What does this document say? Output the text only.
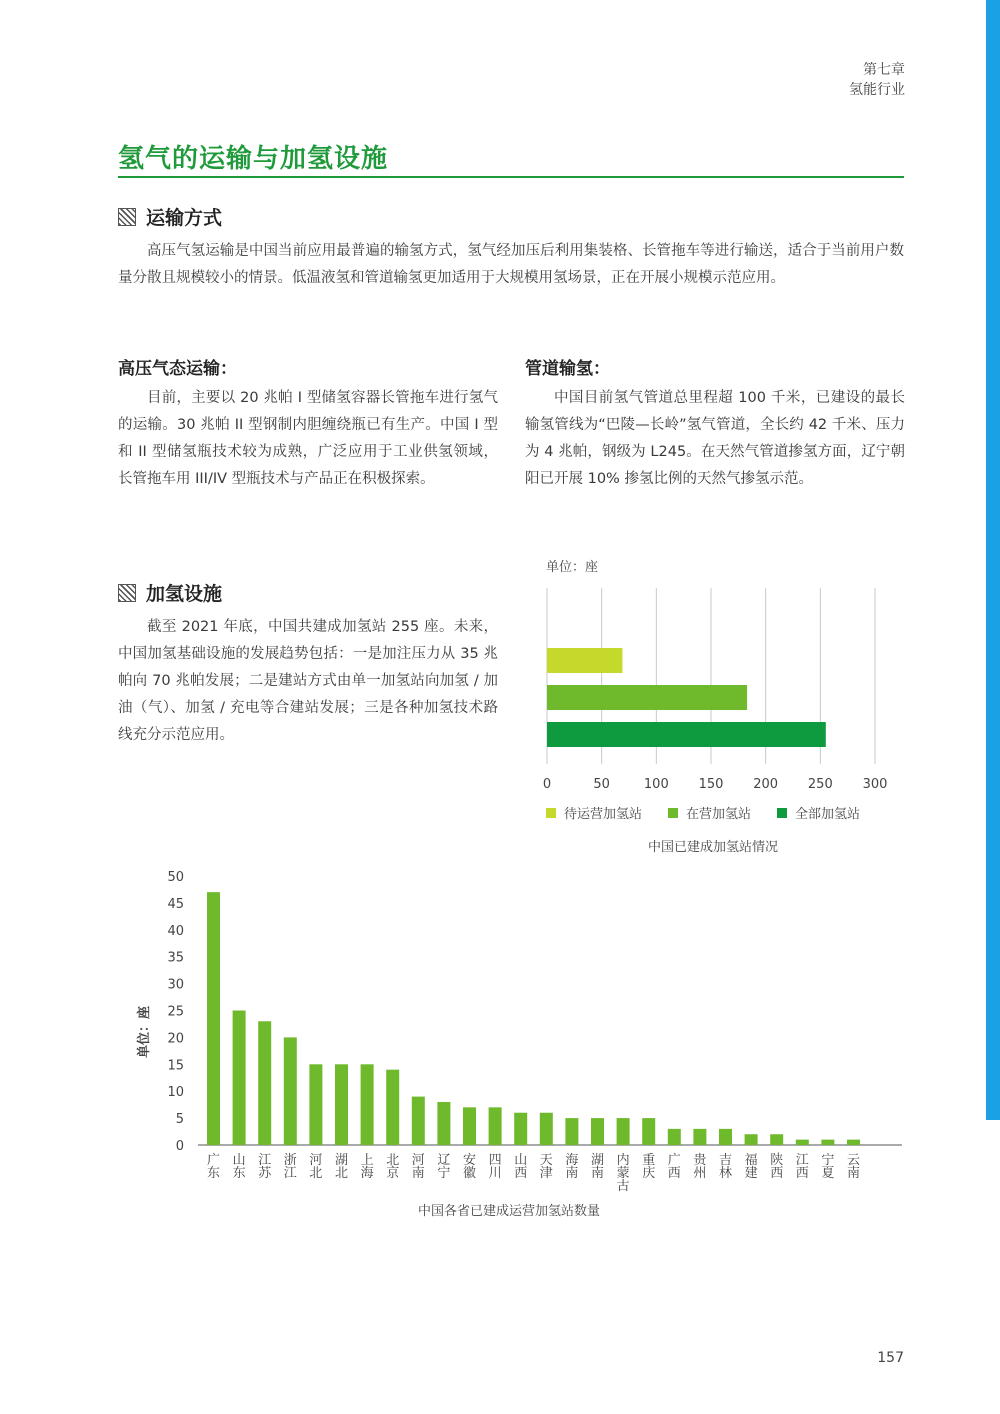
第七章
氢能行业
氢气的运输与加氢设施
运输方式

高压气氢运输是中国当前应用最普遍的输氢方式，氢气经加压后利用集装格、长管拖车等进行输送，适合于当前用户数量分散且规模较小的情景。低温液氢和管道输氢更加适用于大规模用氢场景，正在开展小规模示范应用。

高压气态运输：

目前，主要以 20 兆帕 I 型储氢容器长管拖车进行氢气的运输。30 兆帕 II 型钢制内胆缠绕瓶已有生产。中国 I 型和 II 型储氢瓶技术较为成熟，广泛应用于工业供氢领域，长管拖车用 III/IV 型瓶技术与产品正在积极探索。

管道输氢：

中国目前氢气管道总里程超 100 千米，已建设的最长输氢管线为“巴陵—长岭”氢气管道，全长约 42 千米、压力为 4 兆帕，钢级为 L245。在天然气管道掺氢方面，辽宁朝阳已开展 10% 掺氢比例的天然气掺氢示范。

加氢设施

截至 2021 年底，中国共建成加氢站 255 座。未来，中国加氢基础设施的发展趋势包括：一是加注压力从 35 兆帕向 70 兆帕发展；二是建站方式由单一加氢站向加氢 / 加油（气）、加氢 / 充电等合建站发展；三是各种加氢技术路线充分示范应用。

0	50	100 150 200 250 300
0
5
10
15
20
25
30
35
40
45
50
广东
山东
江苏
浙江
河北
湖北
上海
北京
河南
辽宁
安徽
四川
山西
天津
海南
湖南
内蒙古
重庆
广西
贵州
吉林
福建
陕西
江西
宁夏
云南
单位：座
单位：座
待运营加氢站	在营加氢站	全部加氢站
中国已建成加氢站情况
中国各省已建成运营加氢站数量
157
